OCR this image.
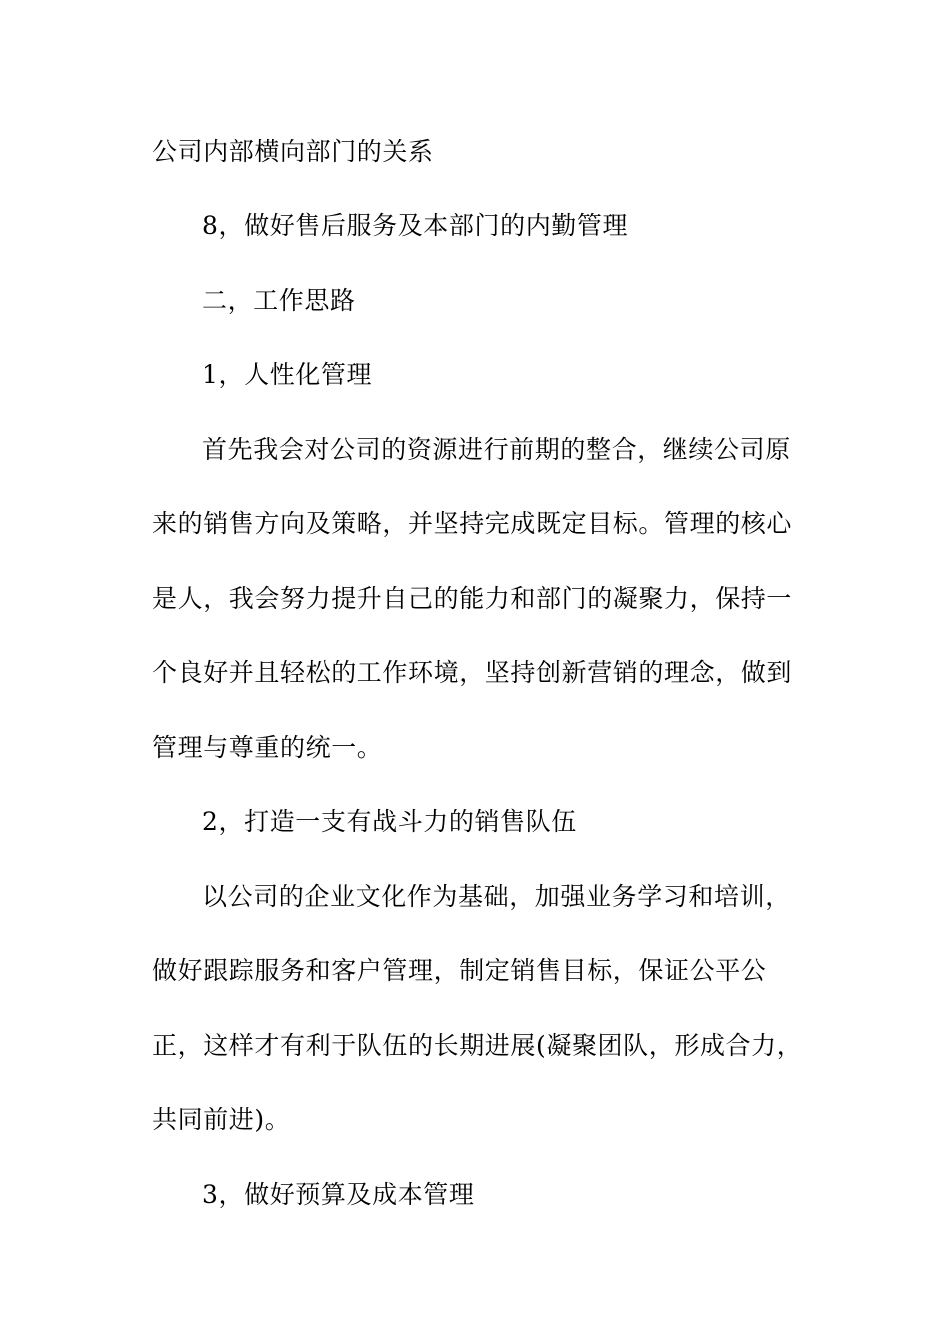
公司内部横向部门的关系
8，做好售后服务及本部门的内勤管理
二，工作思路
1，人性化管理
首先我会对公司的资源进行前期的整合，继续公司原
来的销售方向及策略，并坚持完成既定目标。管理的核心
是人，我会努力提升自己的能力和部门的凝聚力，保持一
个良好并且轻松的工作环境，坚持创新营销的理念，做到
管理与尊重的统一。
2，打造一支有战斗力的销售队伍
以公司的企业文化作为基础，加强业务学习和培训，
做好跟踪服务和客户管理，制定销售目标，保证公平公
正，这样才有利于队伍的长期进展(凝聚团队，形成合力，
共同前进)。
3，做好预算及成本管理
